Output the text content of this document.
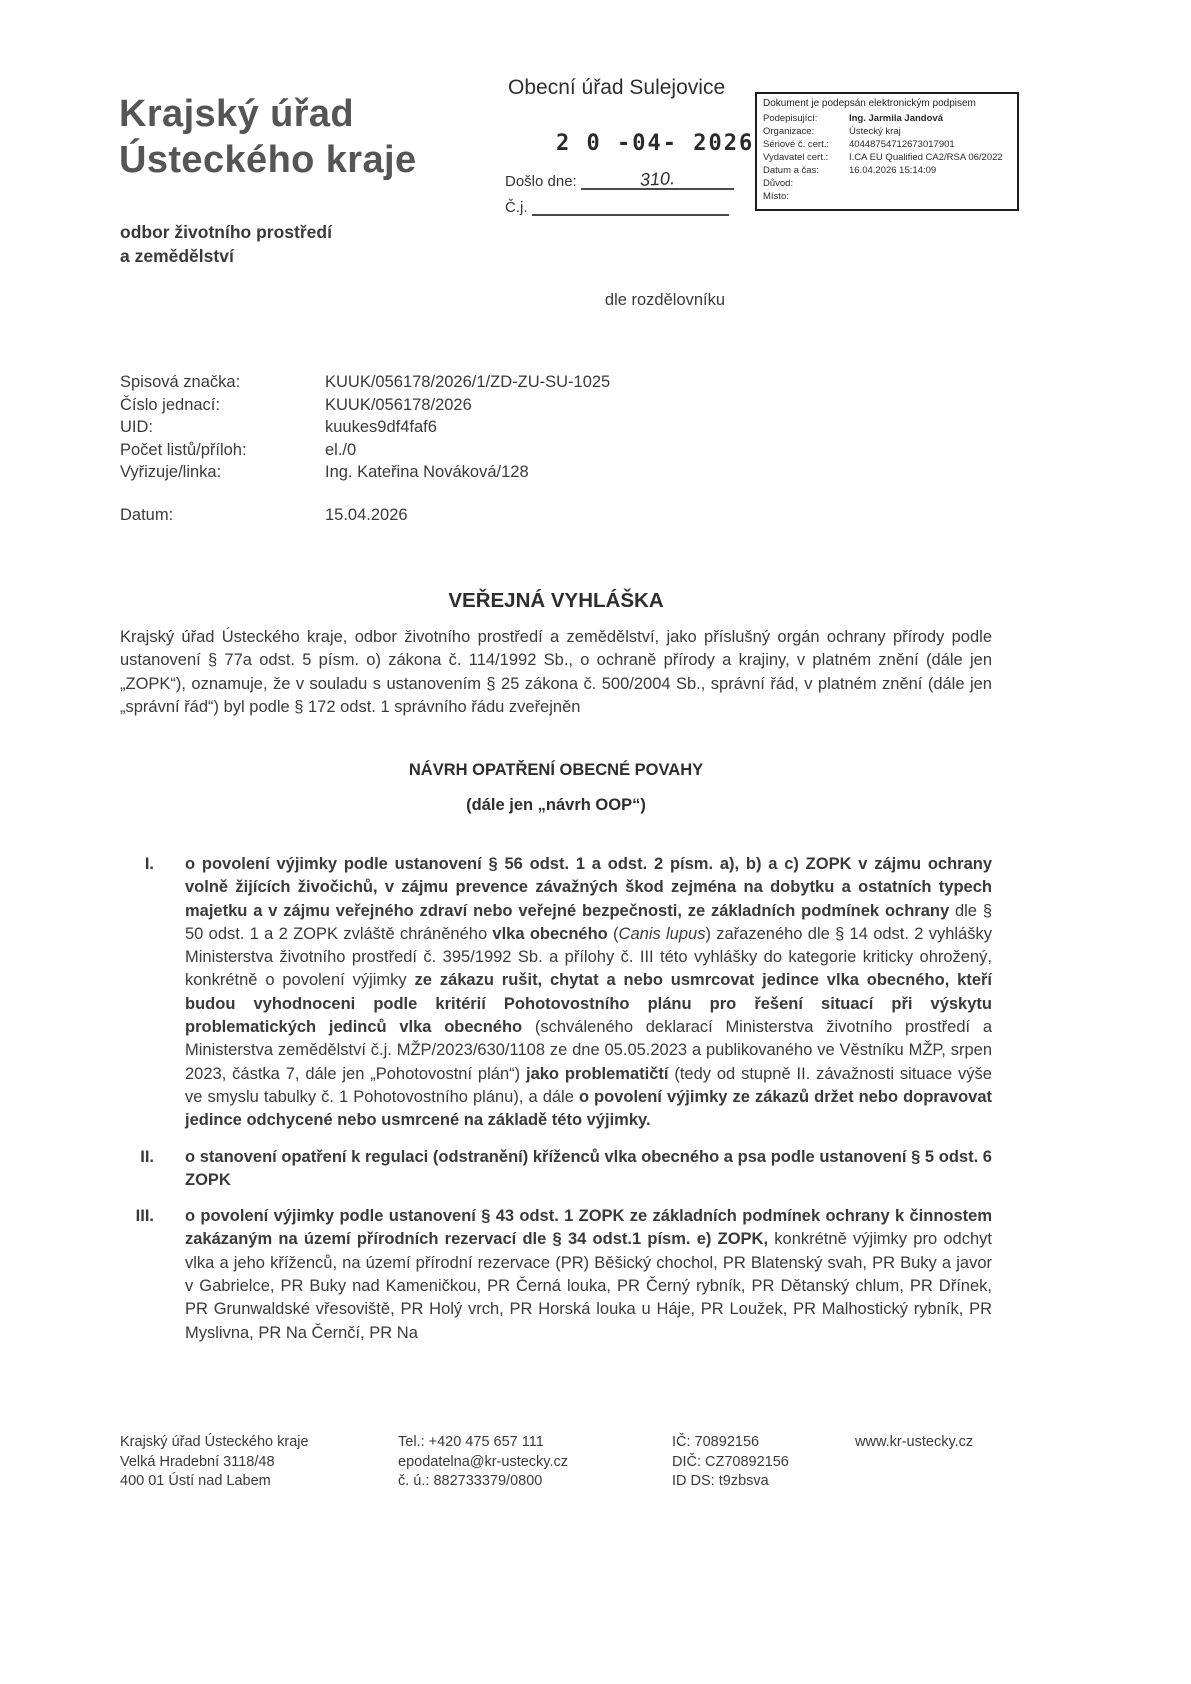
Krajský úřad
Ústeckého kraje
odbor životního prostředí
a zemědělství
Obecní úřad Sulejovice
2 0 -04- 2026
Došlo dne:	310.
Č.j.
Dokument je podepsán elektronickým podpisem
Podepisující:	Ing. Jarmila Jandová
Organizace:	Ústecký kraj
Sériové č. cert.:	40448754712673017901
Vydavatel cert.:	I.CA EU Qualified CA2/RSA 06/2022
Datum a čas:	16.04.2026 15:14:09
Důvod:
Místo:
dle rozdělovníku
Spisová značka:	KUUK/056178/2026/1/ZD-ZU-SU-1025
Číslo jednací:	KUUK/056178/2026
UID:	kuukes9df4faf6
Počet listů/příloh:	el./0
Vyřizuje/linka:	Ing. Kateřina Nováková/128
Datum:	15.04.2026
VEŘEJNÁ VYHLÁŠKA
Krajský úřad Ústeckého kraje, odbor životního prostředí a zemědělství, jako příslušný orgán ochrany přírody podle ustanovení § 77a odst. 5 písm. o) zákona č. 114/1992 Sb., o ochraně přírody a krajiny, v platném znění (dále jen „ZOPK“), oznamuje, že v souladu s ustanovením § 25 zákona č. 500/2004 Sb., správní řád, v platném znění (dále jen „správní řád“) byl podle § 172 odst. 1 správního řádu zveřejněn
NÁVRH OPATŘENÍ OBECNÉ POVAHY
(dále jen „návrh OOP“)
I. o povolení výjimky podle ustanovení § 56 odst. 1 a odst. 2 písm. a), b) a c) ZOPK v zájmu ochrany volně žijících živočichů, v zájmu prevence závažných škod zejména na dobytku a ostatních typech majetku a v zájmu veřejného zdraví nebo veřejné bezpečnosti, ze základních podmínek ochrany dle § 50 odst. 1 a 2 ZOPK zvláště chráněného vlka obecného (Canis lupus) zařazeného dle § 14 odst. 2 vyhlášky Ministerstva životního prostředí č. 395/1992 Sb. a přílohy č. III této vyhlášky do kategorie kriticky ohrožený, konkrétně o povolení výjimky ze zákazu rušit, chytat a nebo usmrcovat jedince vlka obecného, kteří budou vyhodnoceni podle kritérií Pohotovostního plánu pro řešení situací při výskytu problematických jedinců vlka obecného (schváleného deklarací Ministerstva životního prostředí a Ministerstva zemědělství č.j. MŽP/2023/630/1108 ze dne 05.05.2023 a publikovaného ve Věstníku MŽP, srpen 2023, částka 7, dále jen „Pohotovostní plán“) jako problematičtí (tedy od stupně II. závažnosti situace výše ve smyslu tabulky č. 1 Pohotovostního plánu), a dále o povolení výjimky ze zákazů držet nebo dopravovat jedince odchycené nebo usmrcené na základě této výjimky.
II. o stanovení opatření k regulaci (odstranění) kříženců vlka obecného a psa podle ustanovení § 5 odst. 6 ZOPK
III. o povolení výjimky podle ustanovení § 43 odst. 1 ZOPK ze základních podmínek ochrany k činnostem zakázaným na území přírodních rezervací dle § 34 odst.1 písm. e) ZOPK, konkrétně výjimky pro odchyt vlka a jeho kříženců, na území přírodní rezervace (PR) Běšický chochol, PR Blatenský svah, PR Buky a javor v Gabrielce, PR Buky nad Kameničkou, PR Černá louka, PR Černý rybník, PR Dětanský chlum, PR Dřínek, PR Grunwaldské vřesoviště, PR Holý vrch, PR Horská louka u Háje, PR Loužek, PR Malhostický rybník, PR Myslivna, PR Na Černčí, PR Na
Krajský úřad Ústeckého kraje
Velká Hradební 3118/48
400 01 Ústí nad Labem
Tel.: +420 475 657 111
epodatelna@kr-ustecky.cz
č. ú.: 882733379/0800
IČ: 70892156
DIČ: CZ70892156
ID DS: t9zbsva
www.kr-ustecky.cz
